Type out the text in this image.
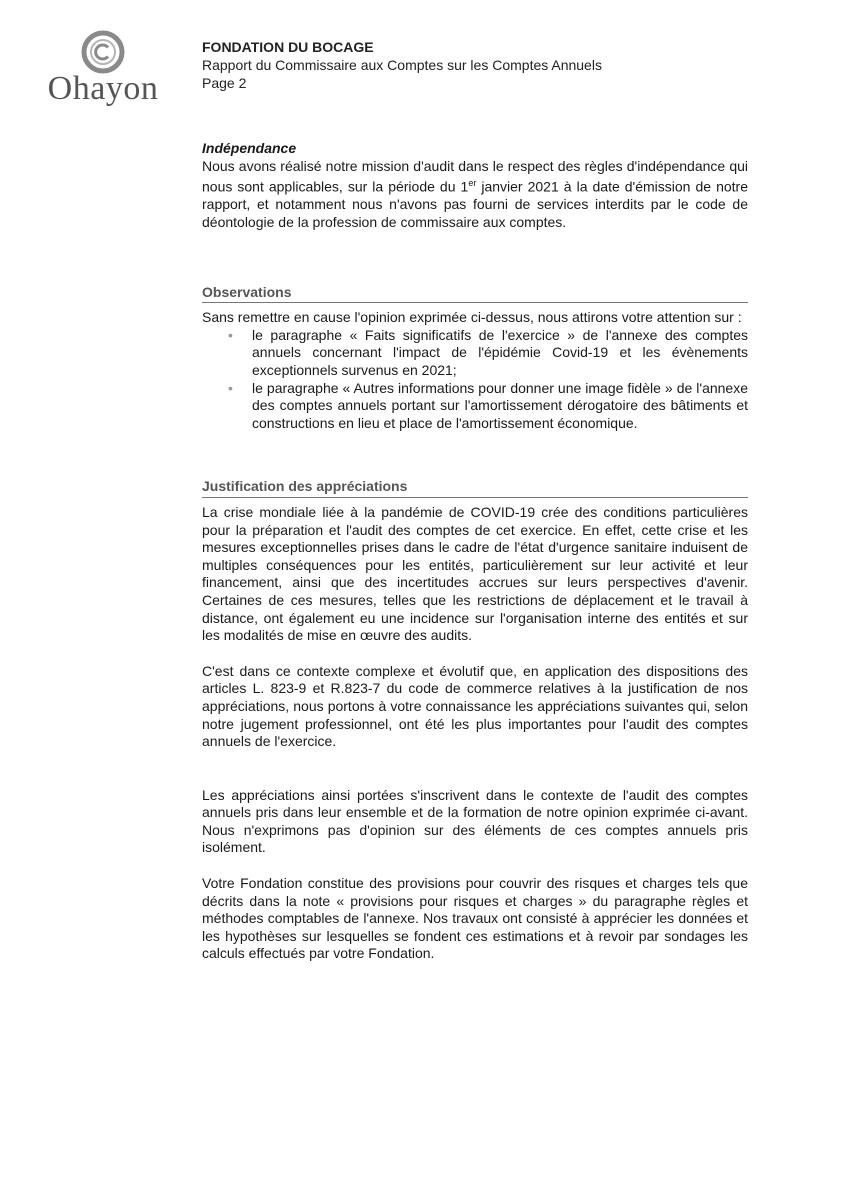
Ohayon
FONDATION DU BOCAGE
Rapport du Commissaire aux Comptes sur les Comptes Annuels
Page 2

Indépendance

Nous avons réalisé notre mission d'audit dans le respect des règles d'indépendance qui nous sont applicables, sur la période du 1er janvier 2021 à la date d'émission de notre rapport, et notamment nous n'avons pas fourni de services interdits par le code de déontologie de la profession de commissaire aux comptes.

Observations

Sans remettre en cause l'opinion exprimée ci-dessus, nous attirons votre attention sur :

• le paragraphe « Faits significatifs de l'exercice » de l'annexe des comptes annuels concernant l'impact de l'épidémie Covid-19 et les évènements exceptionnels survenus en 2021;
• le paragraphe « Autres informations pour donner une image fidèle » de l'annexe des comptes annuels portant sur l'amortissement dérogatoire des bâtiments et constructions en lieu et place de l'amortissement économique.
Justification des appréciations

La crise mondiale liée à la pandémie de COVID-19 crée des conditions particulières pour la préparation et l'audit des comptes de cet exercice. En effet, cette crise et les mesures exceptionnelles prises dans le cadre de l'état d'urgence sanitaire induisent de multiples conséquences pour les entités, particulièrement sur leur activité et leur financement, ainsi que des incertitudes accrues sur leurs perspectives d'avenir. Certaines de ces mesures, telles que les restrictions de déplacement et le travail à distance, ont également eu une incidence sur l'organisation interne des entités et sur les modalités de mise en œuvre des audits.

C'est dans ce contexte complexe et évolutif que, en application des dispositions des articles L. 823-9 et R.823-7 du code de commerce relatives à la justification de nos appréciations, nous portons à votre connaissance les appréciations suivantes qui, selon notre jugement professionnel, ont été les plus importantes pour l'audit des comptes annuels de l'exercice.

Les appréciations ainsi portées s'inscrivent dans le contexte de l'audit des comptes annuels pris dans leur ensemble et de la formation de notre opinion exprimée ci-avant. Nous n'exprimons pas d'opinion sur des éléments de ces comptes annuels pris isolément.

Votre Fondation constitue des provisions pour couvrir des risques et charges tels que décrits dans la note « provisions pour risques et charges » du paragraphe règles et méthodes comptables de l'annexe. Nos travaux ont consisté à apprécier les données et les hypothèses sur lesquelles se fondent ces estimations et à revoir par sondages les calculs effectués par votre Fondation.
